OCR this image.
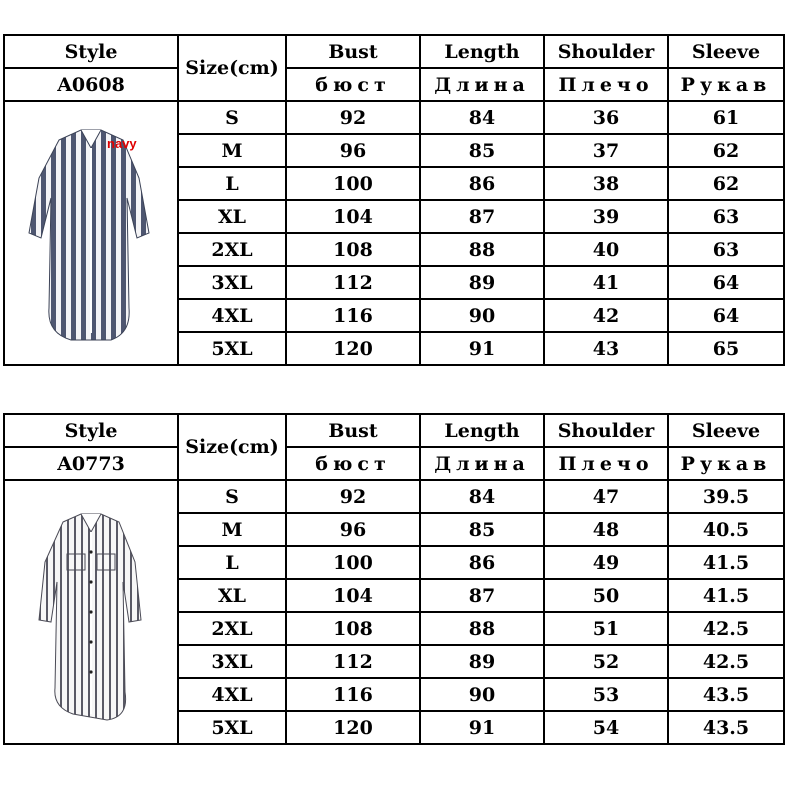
Style	Size(cm)	Bust	Length	Shoulder	Sleeve
A0608		бюст	Длина	Плечо	Рукав

navy	S	92	84	36	61
	M	96	85	37	62
	L	100	86	38	62
	XL	104	87	39	63
	2XL	108	88	40	63
	3XL	112	89	41	64
	4XL	116	90	42	64
	5XL	120	91	43	65
Style	Size(cm)	Bust	Length	Shoulder	Sleeve
A0773		бюст	Длина	Плечо	Рукав

	S	92	84	47	39.5
	M	96	85	48	40.5
	L	100	86	49	41.5
	XL	104	87	50	41.5
	2XL	108	88	51	42.5
	3XL	112	89	52	42.5
	4XL	116	90	53	43.5
	5XL	120	91	54	43.5
